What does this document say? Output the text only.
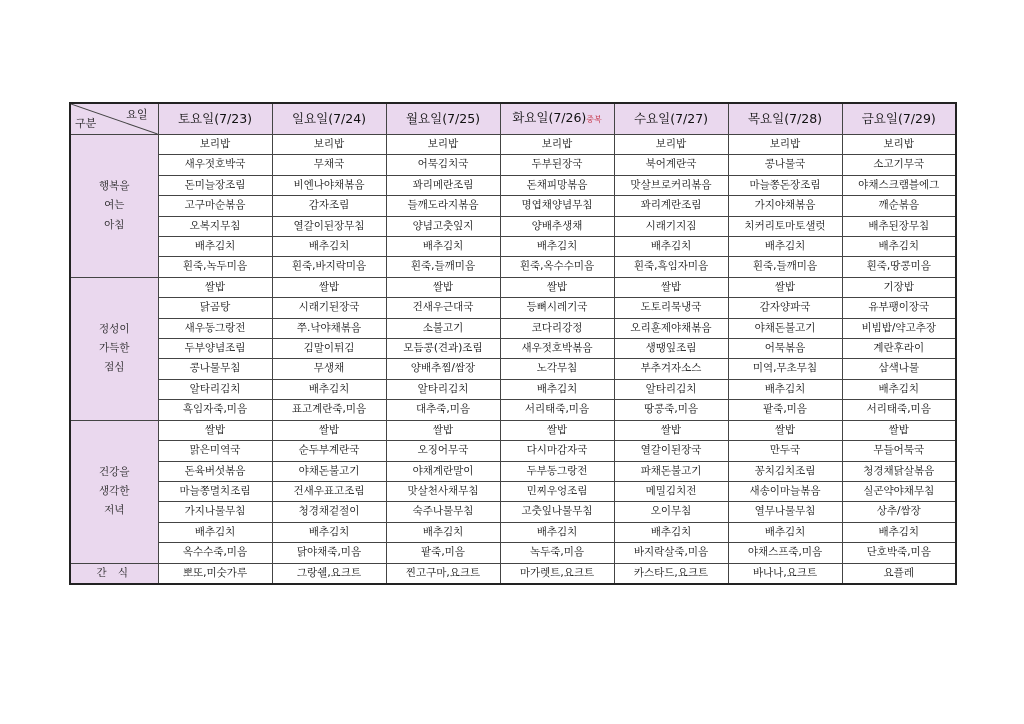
요일
구분	토요일(7/23)	일요일(7/24)	월요일(7/25)	화요일(7/26)중복	수요일(7/27)	목요일(7/28)	금요일(7/29)

행복을
여는
아침	보리밥	보리밥	보리밥	보리밥	보리밥	보리밥	보리밥
	새우젓호박국	무채국	어묵김치국	두부된장국	북어계란국	콩나물국	소고기무국
	돈미늘장조림	비엔나야채볶음	꽈리메란조림	돈채피망볶음	맛살브로커리볶음	마늘쫑돈장조림	야채스크램블에그
	고구마순볶음	감자조림	들깨도라지볶음	명엽채양념무침	꽈리계란조림	가지야채볶음	깨순볶음
	오복지무침	열갈이된장무침	양념고춧잎지	양배추생채	시래기지짐	치커리토마토샐럿	배추된장무침
	배추김치	배추김치	배추김치	배추김치	배추김치	배추김치	배추김치
	흰죽,녹두미음	흰죽,바지락미음	흰죽,들깨미음	흰죽,옥수수미음	흰죽,흑임자미음	흰죽,들깨미음	흰죽,땅콩미음

정성이
가득한
점심	쌀밥	쌀밥	쌀밥	쌀밥	쌀밥	쌀밥	기장밥
	닭곰탕	시래기된장국	건새우근대국	등뼈시레기국	도토리묵냉국	감자양파국	유부팽이장국
	새우동그랑전	쭈.낙야채볶음	소불고기	코다리강정	오리훈제야채볶음	야채돈불고기	비빔밥/약고추장
	두부양념조림	김말이튀김	모듬콩(견과)조림	새우젓호박볶음	생땡잎조림	어묵볶음	계란후라이
	콩나물무침	무생채	양배추찜/쌈장	노각무침	부추겨자소스	미역,무초무침	삼색나물
	알타리김치	배추김치	알타리김치	배추김치	알타리김치	배추김치	배추김치
	흑임자죽,미음	표고계란죽,미음	대추죽,미음	서리태죽,미음	땅콩죽,미음	팥죽,미음	서리태죽,미음

건강을
생각한
저녁	쌀밥	쌀밥	쌀밥	쌀밥	쌀밥	쌀밥	쌀밥
	맑은미역국	순두부계란국	오징어무국	다시마감자국	열갈이된장국	만두국	무들어묵국
	돈육버섯볶음	야채돈불고기	야채계란말이	두부동그랑전	파채돈불고기	꽁치김치조림	청경채닭살볶음
	마늘쫑멸치조림	건새우표고조림	맛살천사채무침	민찌우엉조림	메밀김치전	새송이마늘볶음	실곤약야채무침
	가지나물무침	청경채겉절이	숙주나물무침	고춧잎나물무침	오이무침	열무나물무침	상추/쌈장
	배추김치	배추김치	배추김치	배추김치	배추김치	배추김치	배추김치
	옥수수죽,미음	닭야채죽,미음	팥죽,미음	녹두죽,미음	바지락살죽,미음	야채스프죽,미음	단호박죽,미음
간 식	뽀또,미숫가루	그랑쉘,요크트	찐고구마,요크트	마가렛트,요크트	카스타드,요크트	바나나,요크트	요플레
